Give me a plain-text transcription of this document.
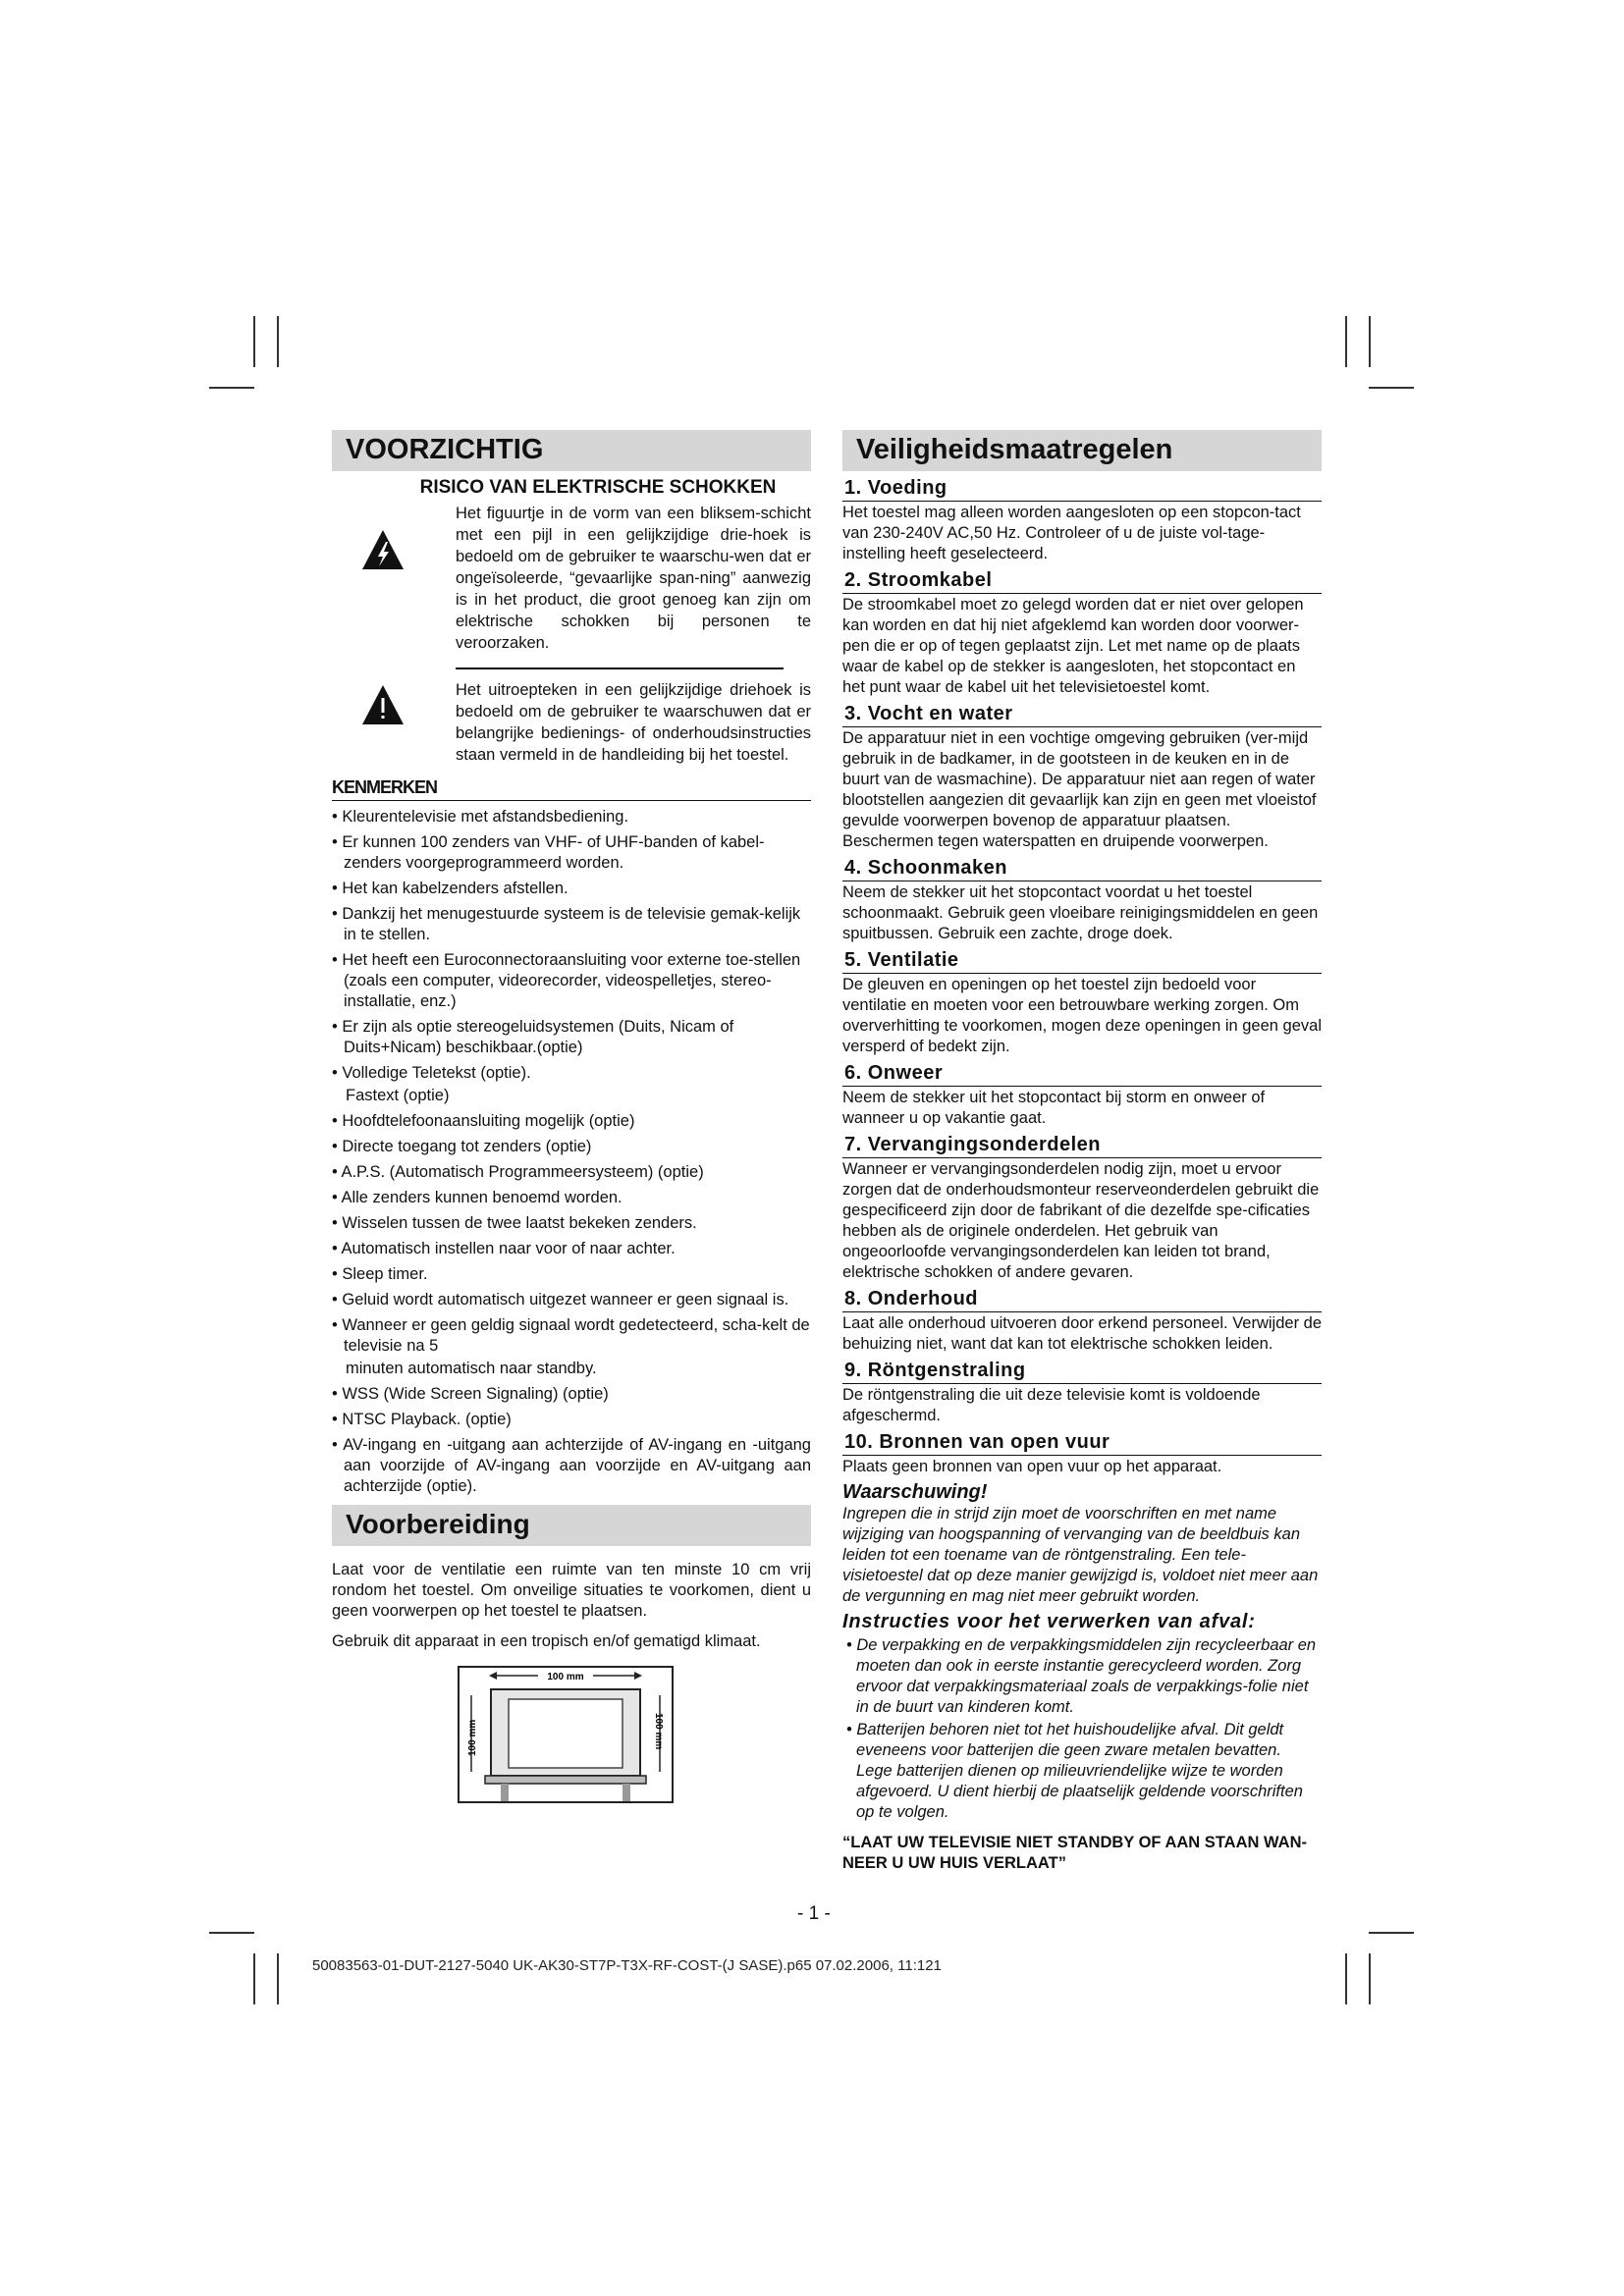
VOORZICHTIG
RISICO VAN ELEKTRISCHE SCHOKKEN
Het figuurtje in de vorm van een bliksem-schicht met een pijl in een gelijkzijdige drie-hoek is bedoeld om de gebruiker te waarschu-wen dat er ongeïsoleerde, “gevaarlijke span-ning” aanwezig is in het product, die groot genoeg kan zijn om elektrische schokken bij personen te veroorzaken.
Het uitroepteken in een gelijkzijdige driehoek is bedoeld om de gebruiker te waarschuwen dat er belangrijke bedienings- of onderhoudsinstructies staan vermeld in de handleiding bij het toestel.
KENMERKEN
• Kleurentelevisie met afstandsbediening.
• Er kunnen 100 zenders van VHF- of UHF-banden of kabel-zenders voorgeprogrammeerd worden.
• Het kan kabelzenders afstellen.
• Dankzij het menugestuurde systeem is de televisie gemak-kelijk in te stellen.
• Het heeft een Euroconnectoraansluiting voor externe toe-stellen (zoals een computer, videorecorder, videospelletjes, stereo-installatie, enz.)
• Er zijn als optie stereogeluidsystemen (Duits, Nicam of Duits+Nicam) beschikbaar.(optie)
• Volledige Teletekst (optie).
Fastext (optie)
• Hoofdtelefoonaansluiting mogelijk (optie)
• Directe toegang tot zenders (optie)
• A.P.S. (Automatisch Programmeersysteem) (optie)
• Alle zenders kunnen benoemd worden.
• Wisselen tussen de twee laatst bekeken zenders.
• Automatisch instellen naar voor of naar achter.
• Sleep timer.
• Geluid wordt automatisch uitgezet wanneer er geen signaal is.
• Wanneer er geen geldig signaal wordt gedetecteerd, scha-kelt de televisie na 5
minuten automatisch naar standby.
• WSS (Wide Screen Signaling) (optie)
• NTSC Playback. (optie)
• AV-ingang en -uitgang aan achterzijde of AV-ingang en -uitgang aan voorzijde of AV-ingang aan voorzijde en AV-uitgang aan achterzijde (optie).
Voorbereiding

Laat voor de ventilatie een ruimte van ten minste 10 cm vrij rondom het toestel. Om onveilige situaties te voorkomen, dient u geen voorwerpen op het toestel te plaatsen.

Gebruik dit apparaat in een tropisch en/of gematigd klimaat.

100 mm
100 mm	100 mm
Veiligheidsmaatregelen
1. Voeding
Het toestel mag alleen worden aangesloten op een stopcon-tact van 230-240V AC,50 Hz. Controleer of u de juiste vol-tage-instelling heeft geselecteerd.
2. Stroomkabel
De stroomkabel moet zo gelegd worden dat er niet over gelopen kan worden en dat hij niet afgeklemd kan worden door voorwer-pen die er op of tegen geplaatst zijn. Let met name op de plaats waar de kabel op de stekker is aangesloten, het stopcontact en het punt waar de kabel uit het televisietoestel komt.
3. Vocht en water
De apparatuur niet in een vochtige omgeving gebruiken (ver-mijd gebruik in de badkamer, in de gootsteen in de keuken en in de buurt van de wasmachine). De apparatuur niet aan regen of water blootstellen aangezien dit gevaarlijk kan zijn en geen met vloeistof gevulde voorwerpen bovenop de apparatuur plaatsen. Beschermen tegen waterspatten en druipende voorwerpen.
4. Schoonmaken
Neem de stekker uit het stopcontact voordat u het toestel schoonmaakt. Gebruik geen vloeibare reinigingsmiddelen en geen spuitbussen. Gebruik een zachte, droge doek.
5. Ventilatie
De gleuven en openingen op het toestel zijn bedoeld voor ventilatie en moeten voor een betrouwbare werking zorgen. Om oververhitting te voorkomen, mogen deze openingen in geen geval versperd of bedekt zijn.
6. Onweer
Neem de stekker uit het stopcontact bij storm en onweer of wanneer u op vakantie gaat.
7. Vervangingsonderdelen
Wanneer er vervangingsonderdelen nodig zijn, moet u ervoor zorgen dat de onderhoudsmonteur reserveonderdelen gebruikt die gespecificeerd zijn door de fabrikant of die dezelfde spe-cificaties hebben als de originele onderdelen. Het gebruik van ongeoorloofde vervangingsonderdelen kan leiden tot brand, elektrische schokken of andere gevaren.
8. Onderhoud
Laat alle onderhoud uitvoeren door erkend personeel. Verwijder de behuizing niet, want dat kan tot elektrische schokken leiden.
9. Röntgenstraling
De röntgenstraling die uit deze televisie komt is voldoende afgeschermd.
10. Bronnen van open vuur
Plaats geen bronnen van open vuur op het apparaat.
Waarschuwing!
Ingrepen die in strijd zijn moet de voorschriften en met name wijziging van hoogspanning of vervanging van de beeldbuis kan leiden tot een toename van de röntgenstraling. Een tele-visietoestel dat op deze manier gewijzigd is, voldoet niet meer aan de vergunning en mag niet meer gebruikt worden.
Instructies voor het verwerken van afval:
• De verpakking en de verpakkingsmiddelen zijn recycleerbaar en moeten dan ook in eerste instantie gerecycleerd worden. Zorg ervoor dat verpakkingsmateriaal zoals de verpakkings-folie niet in de buurt van kinderen komt.
• Batterijen behoren niet tot het huishoudelijke afval. Dit geldt eveneens voor batterijen die geen zware metalen bevatten. Lege batterijen dienen op milieuvriendelijke wijze te worden afgevoerd. U dient hierbij de plaatselijk geldende voorschriften op te volgen.
“LAAT UW TELEVISIE NIET STANDBY OF AAN STAAN WAN-NEER U UW HUIS VERLAAT”
- 1 -
50083563-01-DUT-2127-5040 UK-AK30-ST7P-T3X-RF-COST-(J SASE).p65 07.02.2006, 11:121
